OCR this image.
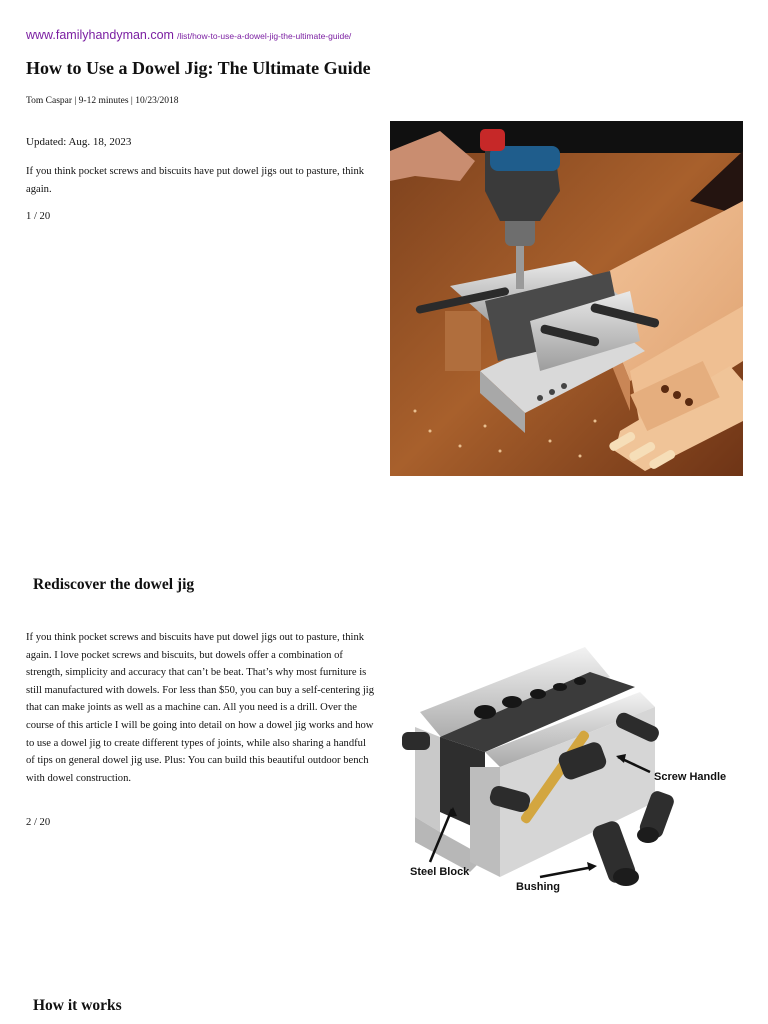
www.familyhandyman.com /list/how-to-use-a-dowel-jig-the-ultimate-guide/
How to Use a Dowel Jig: The Ultimate Guide
Tom Caspar | 9-12 minutes | 10/23/2018
Updated: Aug. 18, 2023
If you think pocket screws and biscuits have put dowel jigs out to pasture, think again.
1 / 20
Rediscover the dowel jig
If you think pocket screws and biscuits have put dowel jigs out to pasture, think again. I love pocket screws and biscuits, but dowels offer a combination of strength, simplicity and accuracy that can’t be beat. That’s why most furniture is still manufactured with dowels. For less than $50, you can buy a self-centering jig that can make joints as well as a machine can. All you need is a drill. Over the course of this article I will be going into detail on how a dowel jig works and how to use a dowel jig to create different types of joints, while also sharing a handful of tips on general dowel jig use. Plus: You can build this beautiful outdoor bench with dowel construction.
2 / 20
Screw Handle
Steel Block
Bushing
How it works
